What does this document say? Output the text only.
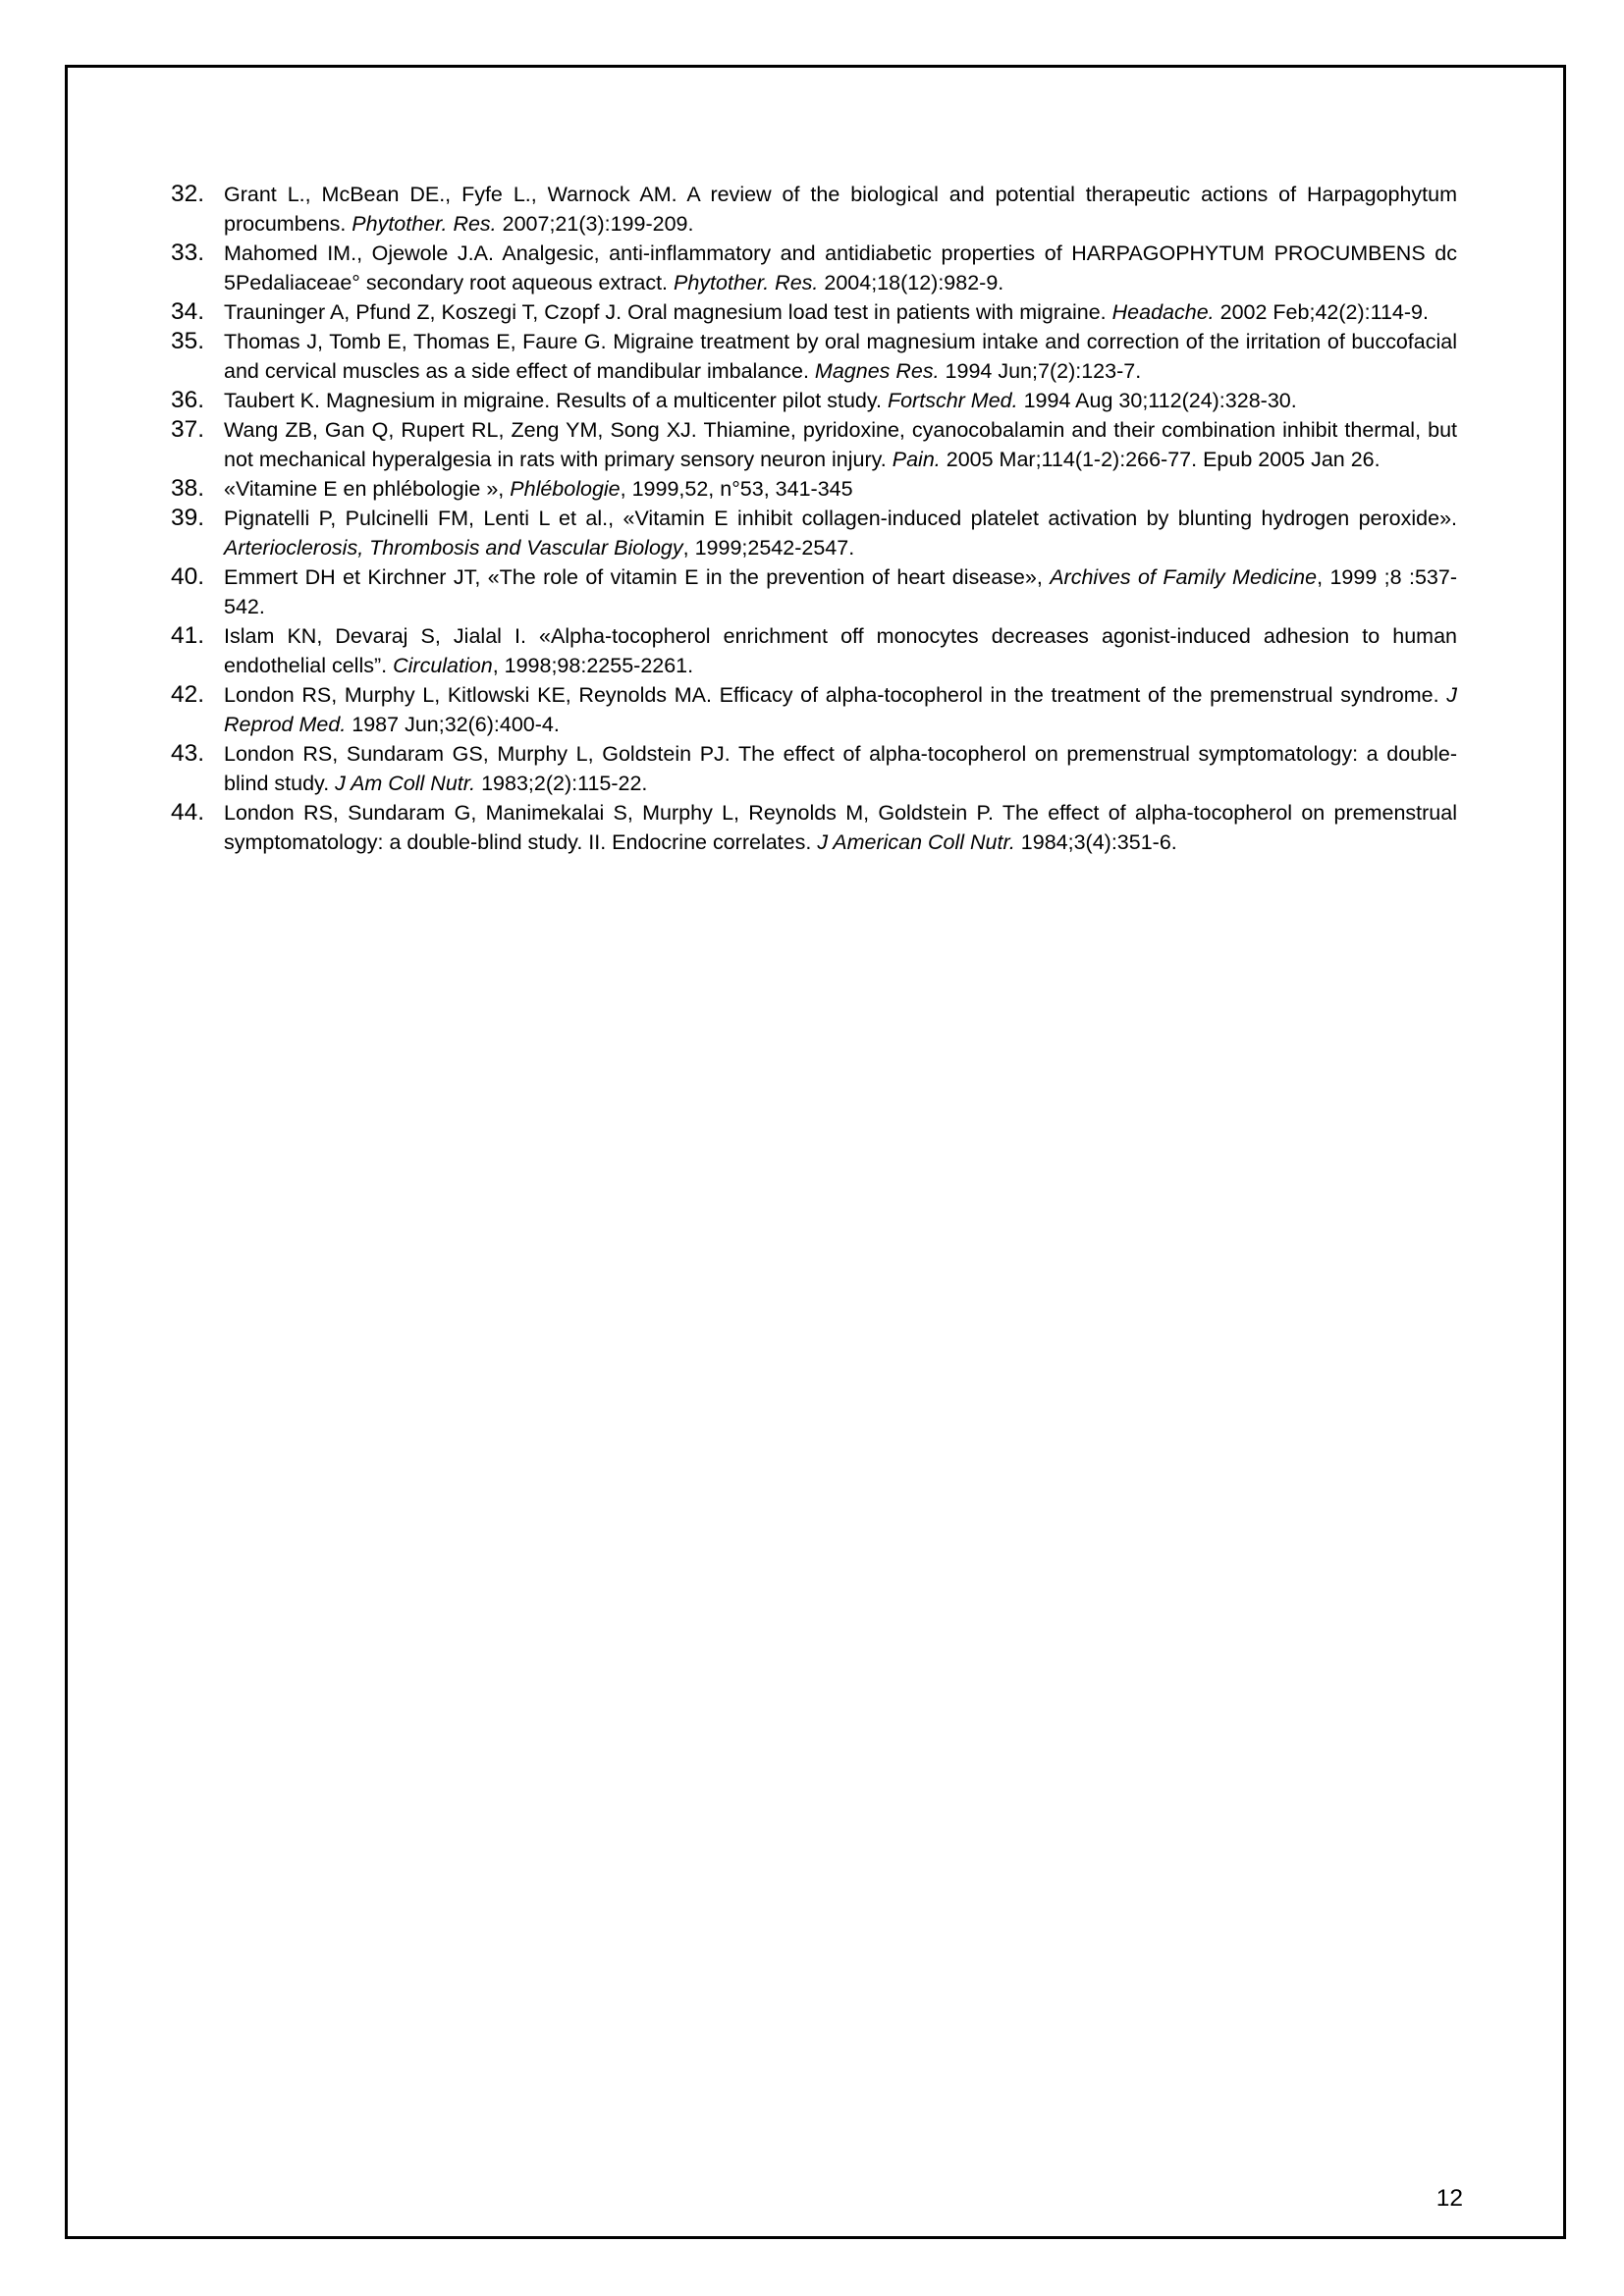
32. Grant L., McBean DE., Fyfe L., Warnock AM. A review of the biological and potential therapeutic actions of Harpagophytum procumbens. Phytother. Res. 2007;21(3):199-209.
33. Mahomed IM., Ojewole J.A. Analgesic, anti-inflammatory and antidiabetic properties of HARPAGOPHYTUM PROCUMBENS dc 5Pedaliaceae° secondary root aqueous extract. Phytother. Res. 2004;18(12):982-9.
34. Trauninger A, Pfund Z, Koszegi T, Czopf J. Oral magnesium load test in patients with migraine. Headache. 2002 Feb;42(2):114-9.
35. Thomas J, Tomb E, Thomas E, Faure G. Migraine treatment by oral magnesium intake and correction of the irritation of buccofacial and cervical muscles as a side effect of mandibular imbalance. Magnes Res. 1994 Jun;7(2):123-7.
36. Taubert K. Magnesium in migraine. Results of a multicenter pilot study. Fortschr Med. 1994 Aug 30;112(24):328-30.
37. Wang ZB, Gan Q, Rupert RL, Zeng YM, Song XJ. Thiamine, pyridoxine, cyanocobalamin and their combination inhibit thermal, but not mechanical hyperalgesia in rats with primary sensory neuron injury. Pain. 2005 Mar;114(1-2):266-77. Epub 2005 Jan 26.
38. «Vitamine E en phlébologie », Phlébologie, 1999,52, n°53, 341-345
39. Pignatelli P, Pulcinelli FM, Lenti L et al., «Vitamin E inhibit collagen-induced platelet activation by blunting hydrogen peroxide». Arterioclerosis, Thrombosis and Vascular Biology, 1999;2542-2547.
40. Emmert DH et Kirchner JT, «The role of vitamin E in the prevention of heart disease», Archives of Family Medicine, 1999 ;8 :537-542.
41. Islam KN, Devaraj S, Jialal I. «Alpha-tocopherol enrichment off monocytes decreases agonist-induced adhesion to human endothelial cells”. Circulation, 1998;98:2255-2261.
42. London RS, Murphy L, Kitlowski KE, Reynolds MA. Efficacy of alpha-tocopherol in the treatment of the premenstrual syndrome. J Reprod Med. 1987 Jun;32(6):400-4.
43. London RS, Sundaram GS, Murphy L, Goldstein PJ. The effect of alpha-tocopherol on premenstrual symptomatology: a double-blind study. J Am Coll Nutr. 1983;2(2):115-22.
44. London RS, Sundaram G, Manimekalai S, Murphy L, Reynolds M, Goldstein P. The effect of alpha-tocopherol on premenstrual symptomatology: a double-blind study. II. Endocrine correlates. J American Coll Nutr. 1984;3(4):351-6.
12
